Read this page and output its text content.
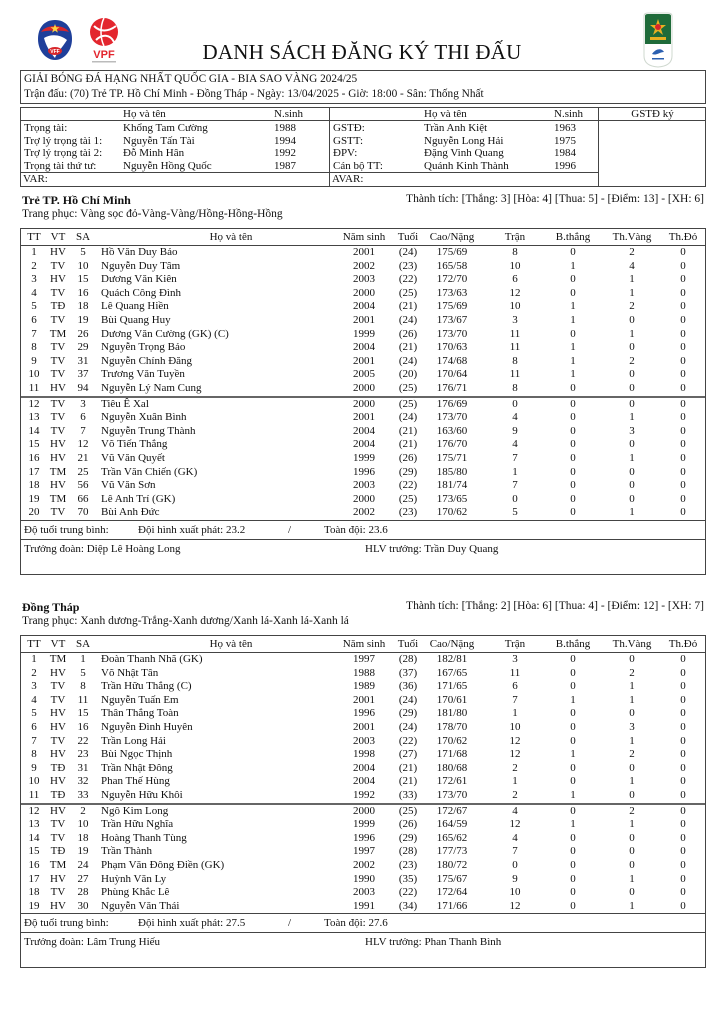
VFF	VPF	DANH SÁCH ĐĂNG KÝ THI ĐẤU
GIẢI BÓNG ĐÁ HẠNG NHẤT QUỐC GIA - BIA SAO VÀNG 2024/25
Trận đấu: (70) Trẻ TP. Hồ Chí Minh - Đồng Tháp - Ngày: 13/04/2025 - Giờ: 18:00 - Sân: Thống Nhất
Họ và tên	N.sinh
Trọng tài:	Khổng Tam Cường	1988
Trợ lý trọng tài 1: Nguyễn Tấn Tài	1994
Trợ lý trọng tài 2: Đỗ Minh Hân	1992
Trọng tài thứ tư: Nguyễn Hồng Quốc	1987
VAR:
Họ và tên	N.sinh
GSTĐ:	Trần Anh Kiệt	1963
GSTT:	Nguyễn Long Hải	1975
ĐPV:	Đặng Vinh Quang	1984
Cán bộ TT:	Quánh Kinh Thành	1996
AVAR:
GSTĐ ký
Trẻ TP. Hồ Chí Minh	Thành tích: [Thắng: 3] [Hòa: 4] [Thua: 5] - [Điểm: 13] - [XH: 6]
Trang phục: Vàng sọc đỏ-Vàng-Vàng/Hồng-Hồng-Hồng
TT VT SA	Họ và tên	Năm sinh	Tuổi	Cao/Nặng	Trận	B.thắng	Th.Vàng	Th.Đỏ
1	HV	5	Hồ Văn Duy Bảo	2001	(24)	175/69	8	0	2	0
2	TV	10	Nguyễn Duy Tâm	2002	(23)	165/58	10	1	4	0
3	HV	15	Dương Văn Kiên	2003	(22)	172/70	6	0	1	0
4	TV	16	Quách Công Đình	2000	(25)	173/63	12	0	1	0
5	TĐ	18	Lê Quang Hiền	2004	(21)	175/69	10	1	2	0
6	TV	19	Bùi Quang Huy	2001	(24)	173/67	3	1	0	0
7	TM	26	Dương Văn Cường (GK) (C)	1999	(26)	173/70	11	0	1	0
8	TV	29	Nguyễn Trọng Bảo	2004	(21)	170/63	11	1	0	0
9	TV	31	Nguyễn Chính Đăng	2001	(24)	174/68	8	1	2	0
10	TV	37	Trương Văn Tuyền	2005	(20)	170/64	11	1	0	0
11 HV	94	Nguyễn Lý Nam Cung	2000	(25)	176/71	8	0	0	0
12	TV	3	Tiêu Ê Xal	2000	(25)	176/69	0	0	0	0
13	TV	6	Nguyễn Xuân Bình	2001	(24)	173/70	4	0	1	0
14	TV	7	Nguyễn Trung Thành	2004	(21)	163/60	9	0	3	0
15 HV	12	Võ Tiến Thắng	2004	(21)	176/70	4	0	0	0
16 HV	21	Vũ Văn Quyết	1999	(26)	175/71	7	0	1	0
17 TM	25	Trần Văn Chiến (GK)	1996	(29)	185/80	1	0	0	0
18 HV	56	Vũ Văn Sơn	2003	(22)	181/74	7	0	0	0
19 TM	66	Lê Anh Trí (GK)	2000	(25)	173/65	0	0	0	0
20	TV	70	Bùi Anh Đức	2002	(23)	170/62	5	0	1	0
Độ tuổi trung bình:	Đội hình xuất phát: 23.2	/	Toàn đội: 23.6
Trưởng đoàn: Diệp Lê Hoàng Long	HLV trưởng: Trần Duy Quang
Đồng Tháp	Thành tích: [Thắng: 2] [Hòa: 6] [Thua: 4] - [Điểm: 12] - [XH: 7]
Trang phục: Xanh dương-Trắng-Xanh dương/Xanh lá-Xanh lá-Xanh lá
TT VT SA	Họ và tên	Năm sinh	Tuổi	Cao/Nặng	Trận	B.thắng	Th.Vàng	Th.Đỏ
1	TM	1	Đoàn Thanh Nhã (GK)	1997	(28)	182/81	3	0	0	0
2	HV	5	Võ Nhật Tân	1988	(37)	167/65	11	0	2	0
3	TV	8	Trần Hữu Thắng (C)	1989	(36)	171/65	6	0	1	0
4	TV	11	Nguyễn Tuấn Em	2001	(24)	170/61	7	1	1	0
5	HV	15	Thân Thắng Toàn	1996	(29)	181/80	1	0	0	0
6	HV	16	Nguyễn Đình Huyên	2001	(24)	178/70	10	0	3	0
7	TV	22	Trần Long Hải	2003	(22)	170/62	12	0	1	0
8	HV	23	Bùi Ngọc Thịnh	1998	(27)	171/68	12	1	2	0
9	TĐ	31	Trần Nhật Đông	2004	(21)	180/68	2	0	0	0
10 HV	32	Phan Thế Hùng	2004	(21)	172/61	1	0	1	0
11	TĐ	33	Nguyễn Hữu Khôi	1992	(33)	173/70	2	1	0	0
12 HV	2	Ngô Kim Long	2000	(25)	172/67	4	0	2	0
13	TV	10	Trần Hữu Nghĩa	1999	(26)	164/59	12	1	1	0
14	TV	18	Hoàng Thanh Tùng	1996	(29)	165/62	4	0	0	0
15	TĐ	19	Trần Thành	1997	(28)	177/73	7	0	0	0
16 TM	24	Phạm Văn Đông Điền (GK)	2002	(23)	180/72	0	0	0	0
17 HV	27	Huỳnh Văn Ly	1990	(35)	175/67	9	0	1	0
18	TV	28	Phùng Khắc Lê	2003	(22)	172/64	10	0	0	0
19 HV	30	Nguyễn Văn Thái	1991	(34)	171/66	12	0	1	0
Độ tuổi trung bình:	Đội hình xuất phát: 27.5	/	Toàn đội: 27.6
Trưởng đoàn: Lâm Trung Hiếu	HLV trưởng: Phan Thanh Bình
